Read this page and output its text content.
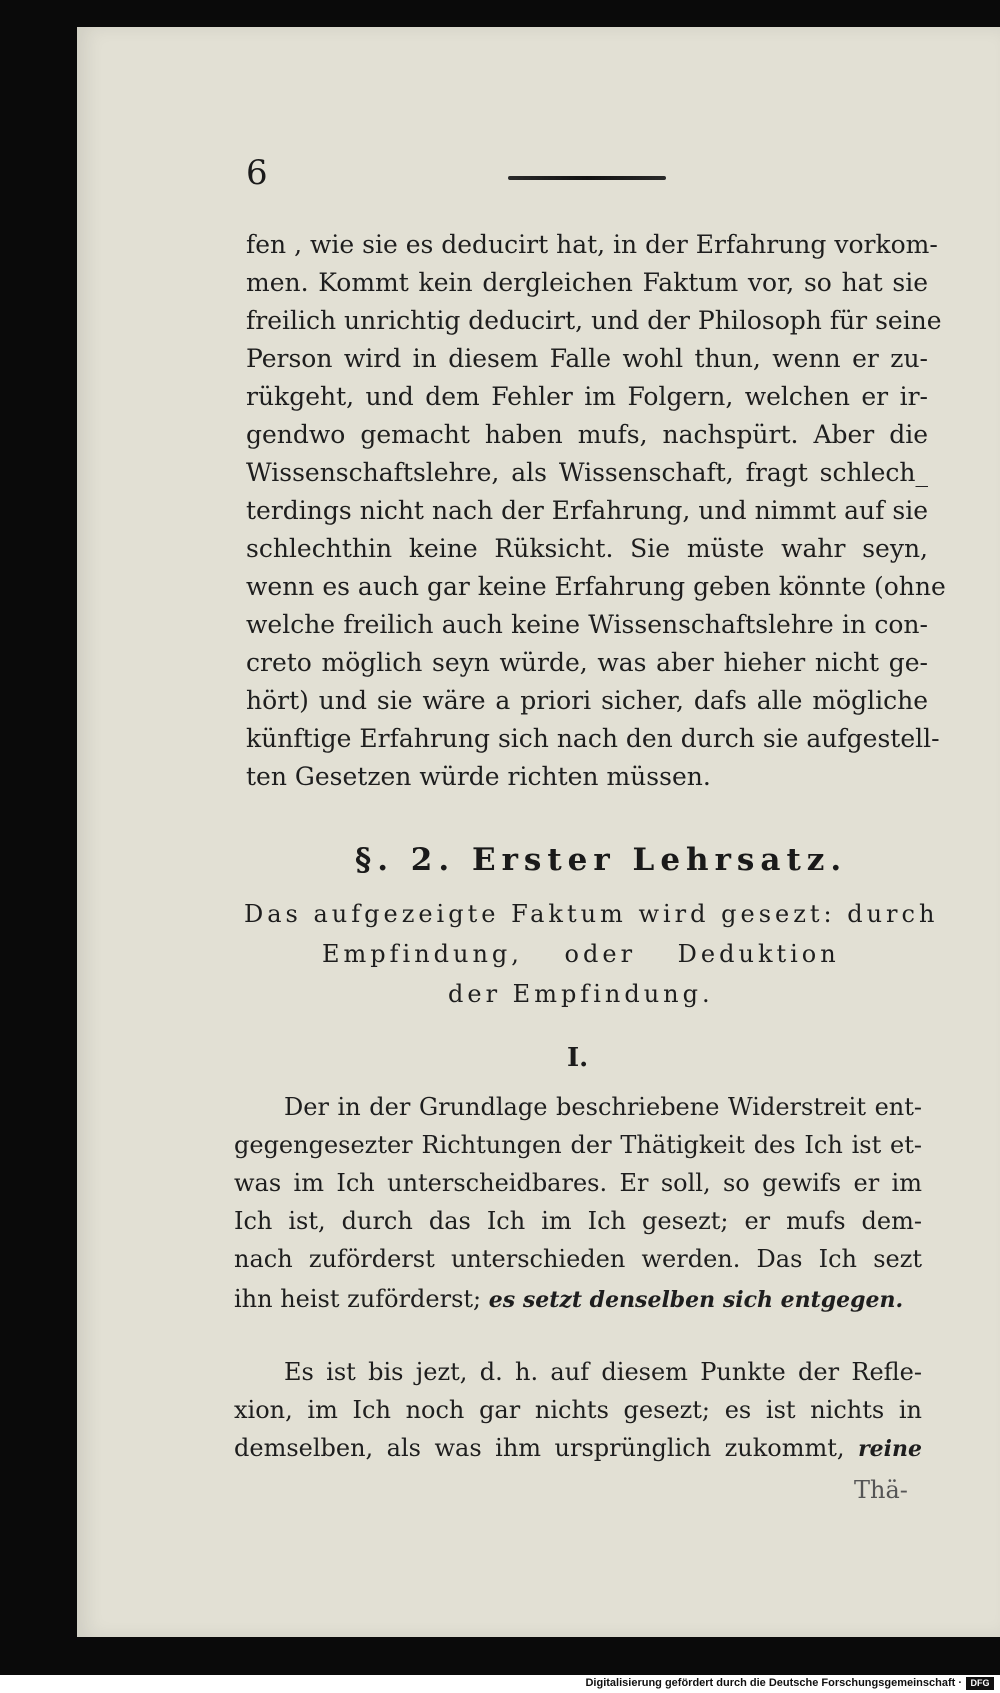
6
fen , wie sie es deducirt hat, in der Erfahrung vorkom-
men. Kommt kein dergleichen Faktum vor, so hat sie
freilich unrichtig deducirt, und der Philosoph für seine
Person wird in diesem Falle wohl thun, wenn er zu-
rükgeht, und dem Fehler im Folgern, welchen er ir-
gendwo gemacht haben mufs, nachspürt. Aber die
Wissenschaftslehre, als Wissenschaft, fragt schlech_
terdings nicht nach der Erfahrung, und nimmt auf sie
schlechthin keine Rüksicht. Sie müste wahr seyn,
wenn es auch gar keine Erfahrung geben könnte (ohne
welche freilich auch keine Wissenschaftslehre in con-
creto möglich seyn würde, was aber hieher nicht ge-
hört) und sie wäre a priori sicher, dafs alle mögliche
künftige Erfahrung sich nach den durch sie aufgestell-
ten Gesetzen würde richten müssen.
§. 2. Erster Lehrsatz.
Das aufgezeigte Faktum wird gesezt: durch
Empfindung, oder Deduktion
der Empfindung.
I.
Der in der Grundlage beschriebene Widerstreit ent-
gegengesezter Richtungen der Thätigkeit des Ich ist et-
was im Ich unterscheidbares. Er soll, so gewifs er im
Ich ist, durch das Ich im Ich gesezt; er mufs dem-
nach zuförderst unterschieden werden. Das Ich sezt
ihn heist zuförderst; es setzt denselben sich entgegen.
Es ist bis jezt, d. h. auf diesem Punkte der Refle-
xion, im Ich noch gar nichts gesezt; es ist nichts in
demselben, als was ihm ursprünglich zukommt, reine
Thä-
Digitalisierung gefördert durch die Deutsche Forschungsgemeinschaft · DFG
